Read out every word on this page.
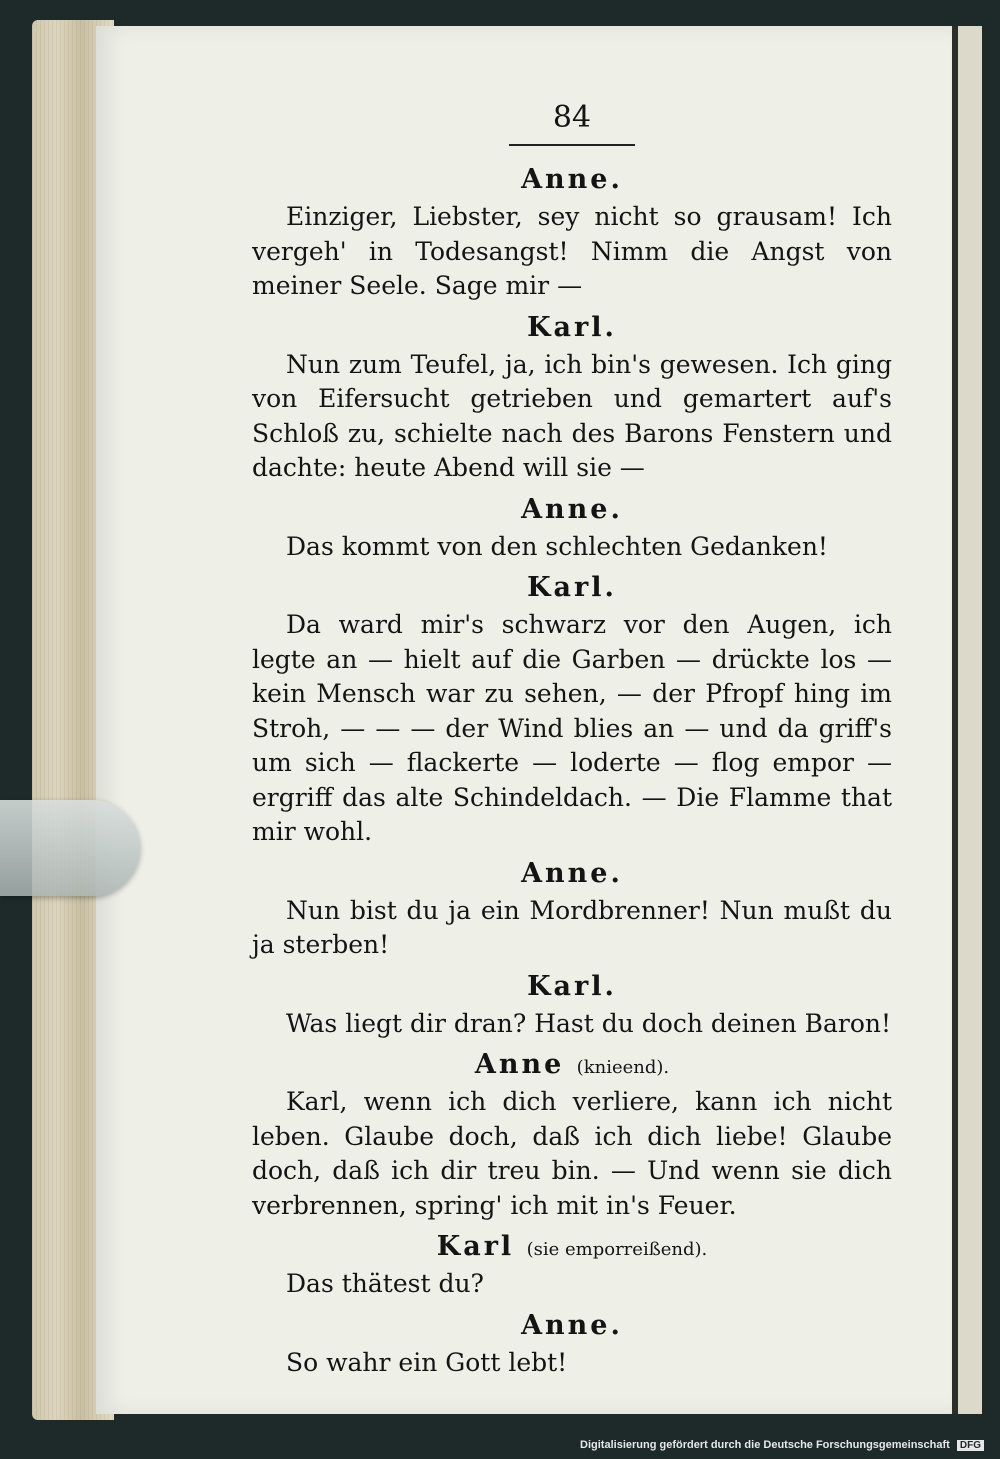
84
Anne.
Einziger, Liebster, sey nicht so grausam! Ich vergeh' in Todesangst! Nimm die Angst von meiner Seele. Sage mir —
Karl.
Nun zum Teufel, ja, ich bin's gewesen. Ich ging von Eifersucht getrieben und gemartert auf's Schloß zu, schielte nach des Barons Fenstern und dachte: heute Abend will sie —
Anne.
Das kommt von den schlechten Gedanken!
Karl.
Da ward mir's schwarz vor den Augen, ich legte an — hielt auf die Garben — drückte los — kein Mensch war zu sehen, — der Pfropf hing im Stroh, — — — der Wind blies an — und da griff's um sich — flackerte — loderte — flog empor — ergriff das alte Schindeldach. — Die Flamme that mir wohl.
Anne.
Nun bist du ja ein Mordbrenner! Nun mußt du ja sterben!
Karl.
Was liegt dir dran? Hast du doch deinen Baron!
Anne (knieend).
Karl, wenn ich dich verliere, kann ich nicht leben. Glaube doch, daß ich dich liebe! Glaube doch, daß ich dir treu bin. — Und wenn sie dich verbrennen, spring' ich mit in's Feuer.
Karl (sie emporreißend).
Das thätest du?
Anne.
So wahr ein Gott lebt!
Digitalisierung gefördert durch die Deutsche Forschungsgemeinschaft DFG
